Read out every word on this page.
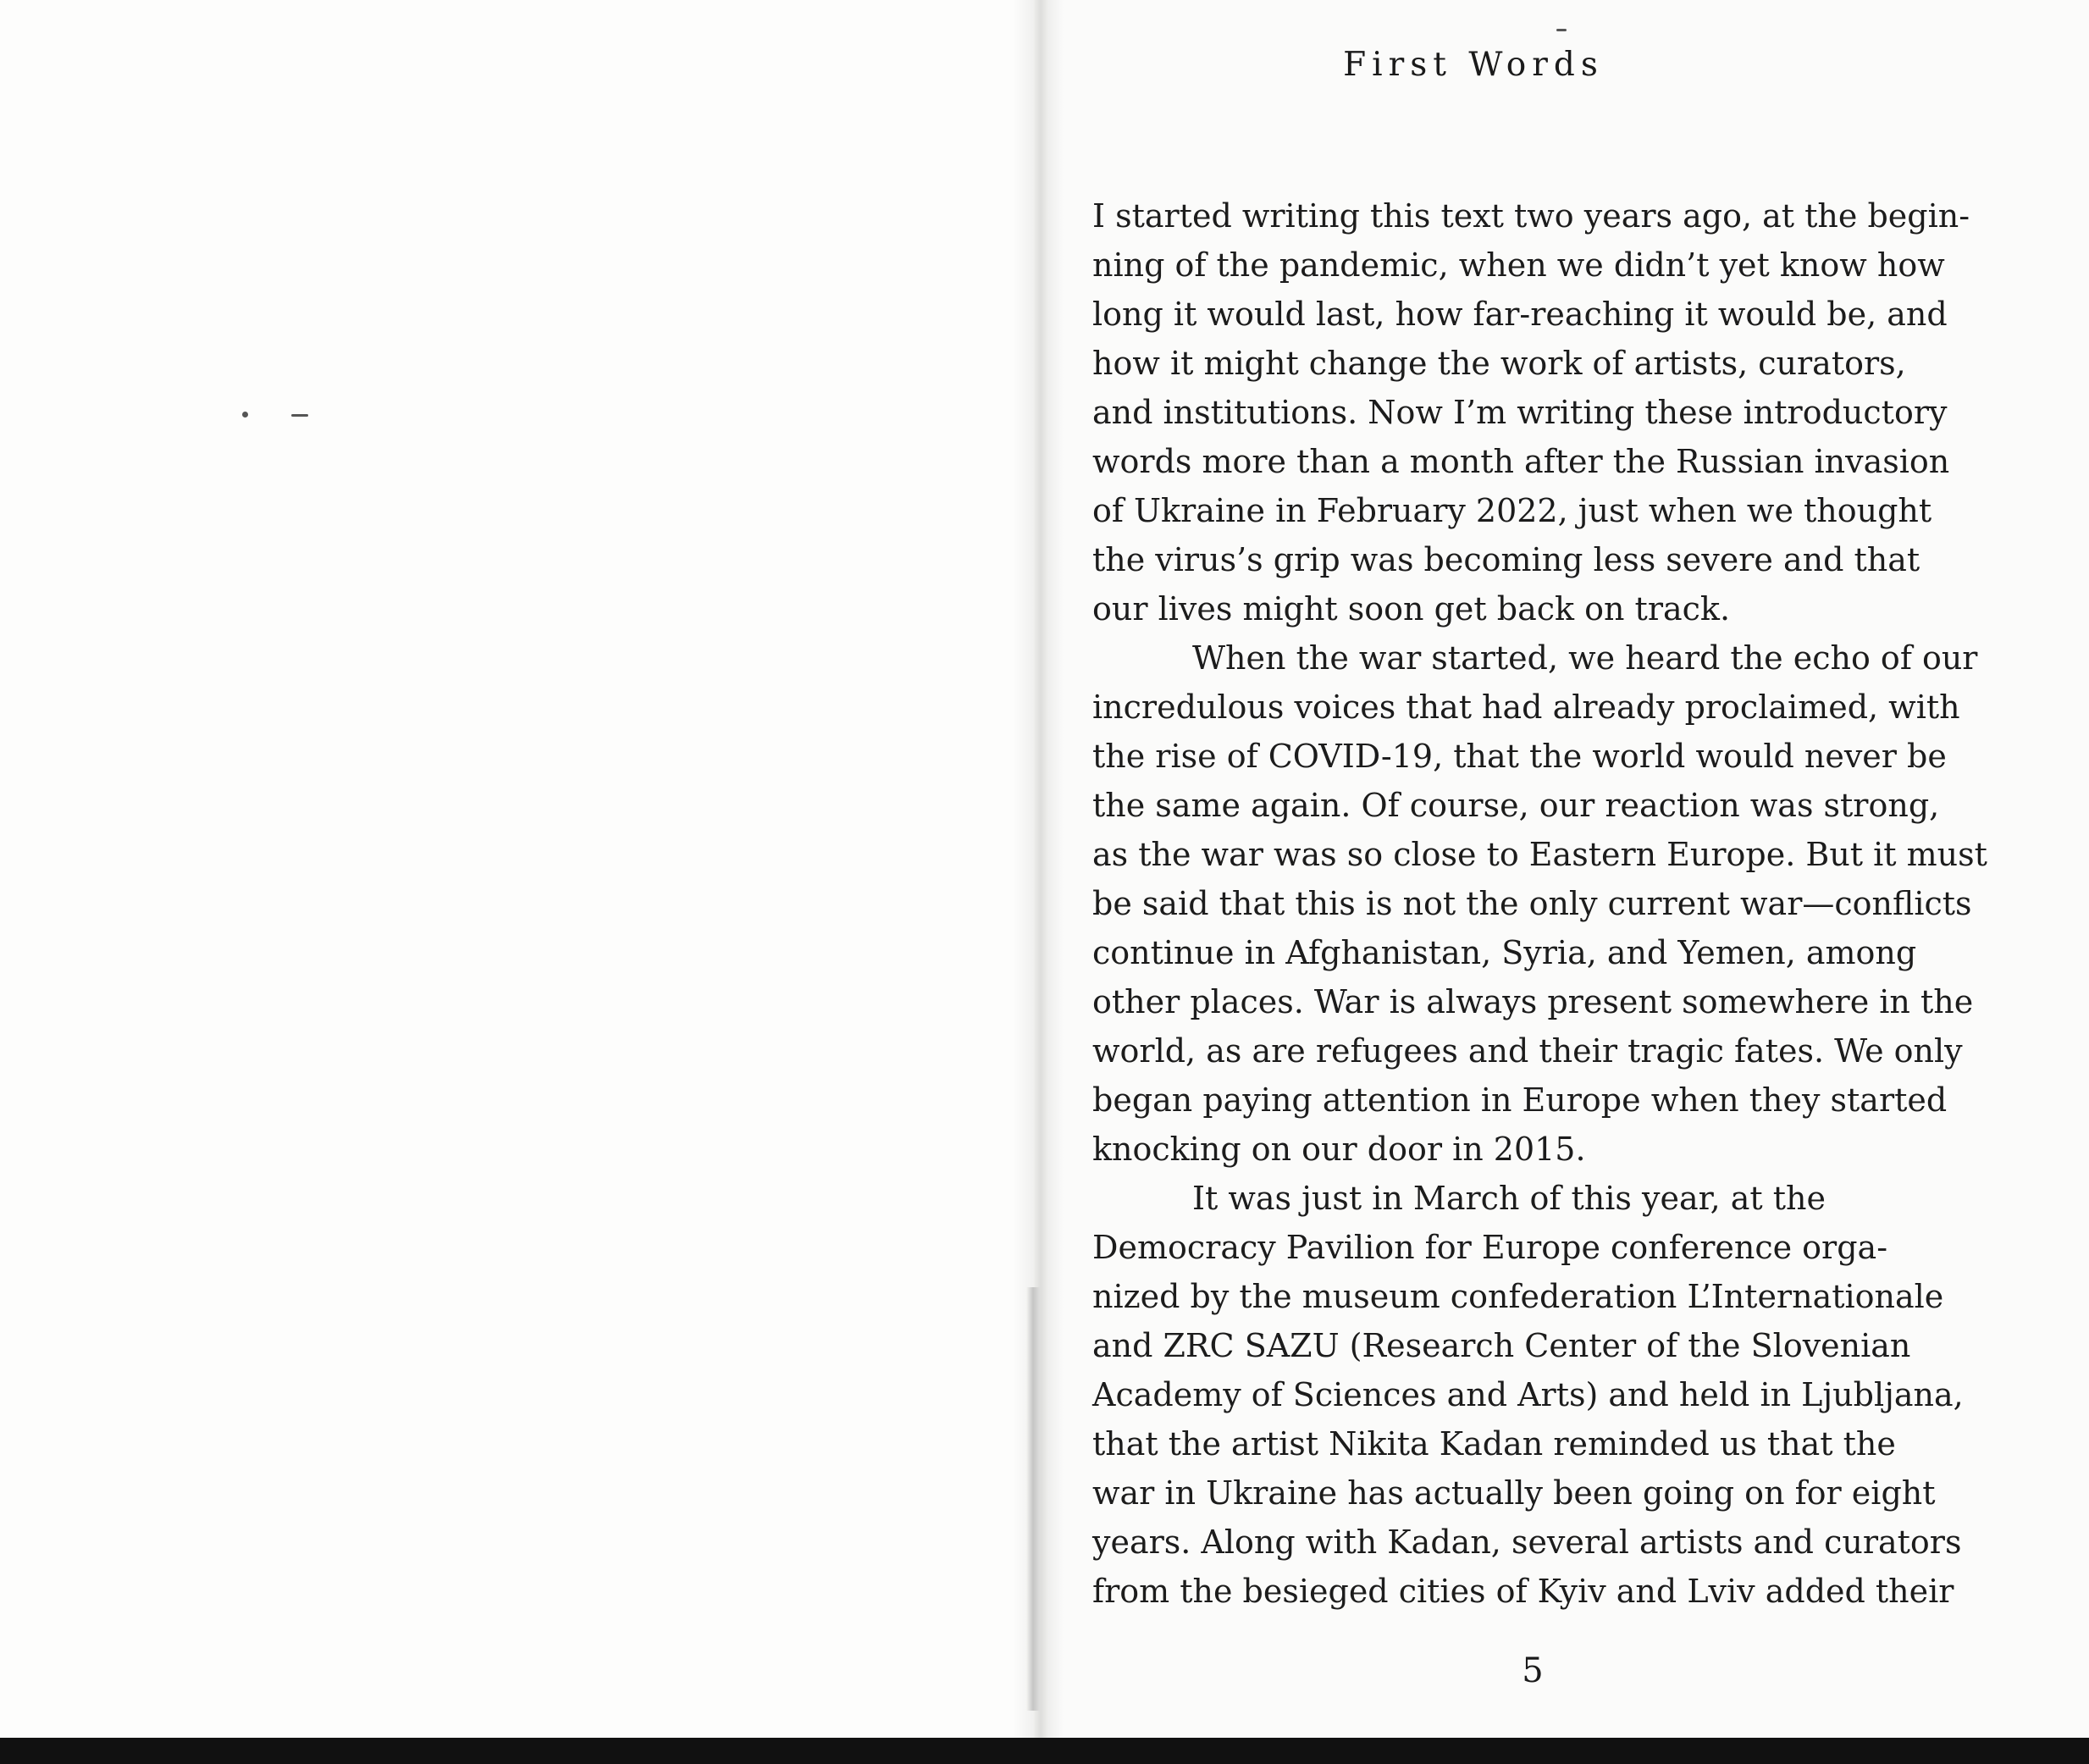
First Words
I started writing this text two years ago, at the begin-
ning of the pandemic, when we didn’t yet know how
long it would last, how far-reaching it would be, and
how it might change the work of artists, curators,
and institutions. Now I’m writing these introductory
words more than a month after the Russian invasion
of Ukraine in February 2022, just when we thought
the virus’s grip was becoming less severe and that
our lives might soon get back on track.
When the war started, we heard the echo of our
incredulous voices that had already proclaimed, with
the rise of COVID-19, that the world would never be
the same again. Of course, our reaction was strong,
as the war was so close to Eastern Europe. But it must
be said that this is not the only current war—conflicts
continue in Afghanistan, Syria, and Yemen, among
other places. War is always present somewhere in the
world, as are refugees and their tragic fates. We only
began paying attention in Europe when they started
knocking on our door in 2015.
It was just in March of this year, at the
Democracy Pavilion for Europe conference orga-
nized by the museum confederation L’Internationale
and ZRC SAZU (Research Center of the Slovenian
Academy of Sciences and Arts) and held in Ljubljana,
that the artist Nikita Kadan reminded us that the
war in Ukraine has actually been going on for eight
years. Along with Kadan, several artists and curators
from the besieged cities of Kyiv and Lviv added their
5
